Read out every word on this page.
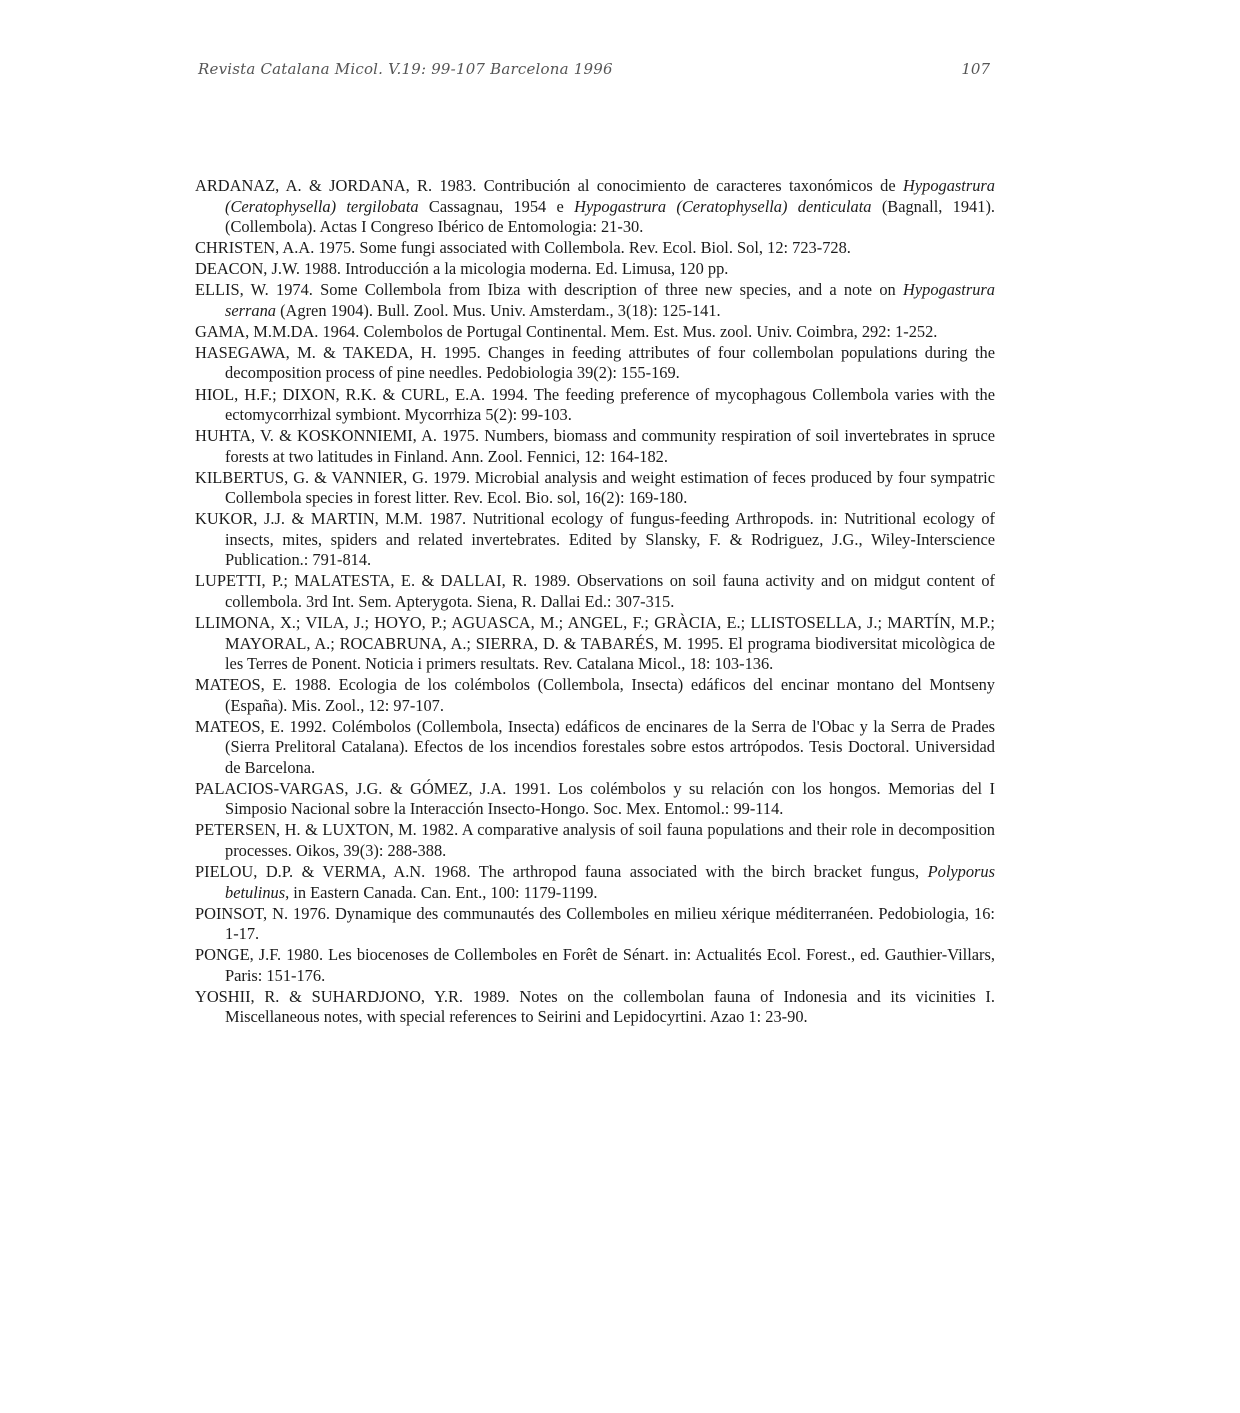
Revista Catalana Micol. V.19: 99-107 Barcelona 1996	107
ARDANAZ, A. & JORDANA, R. 1983. Contribución al conocimiento de caracteres taxonómicos de Hypogastrura (Ceratophysella) tergilobata Cassagnau, 1954 e Hypogastrura (Ceratophysella) denticulata (Bagnall, 1941). (Collembola). Actas I Congreso Ibérico de Entomologia: 21-30.
CHRISTEN, A.A. 1975. Some fungi associated with Collembola. Rev. Ecol. Biol. Sol, 12: 723-728.
DEACON, J.W. 1988. Introducción a la micologia moderna. Ed. Limusa, 120 pp.
ELLIS, W. 1974. Some Collembola from Ibiza with description of three new species, and a note on Hypogastrura serrana (Agren 1904). Bull. Zool. Mus. Univ. Amsterdam., 3(18): 125-141.
GAMA, M.M.DA. 1964. Colembolos de Portugal Continental. Mem. Est. Mus. zool. Univ. Coimbra, 292: 1-252.
HASEGAWA, M. & TAKEDA, H. 1995. Changes in feeding attributes of four collembolan populations during the decomposition process of pine needles. Pedobiologia 39(2): 155-169.
HIOL, H.F.; DIXON, R.K. & CURL, E.A. 1994. The feeding preference of mycophagous Collembola varies with the ectomycorrhizal symbiont. Mycorrhiza 5(2): 99-103.
HUHTA, V. & KOSKONNIEMI, A. 1975. Numbers, biomass and community respiration of soil invertebrates in spruce forests at two latitudes in Finland. Ann. Zool. Fennici, 12: 164-182.
KILBERTUS, G. & VANNIER, G. 1979. Microbial analysis and weight estimation of feces produced by four sympatric Collembola species in forest litter. Rev. Ecol. Bio. sol, 16(2): 169-180.
KUKOR, J.J. & MARTIN, M.M. 1987. Nutritional ecology of fungus-feeding Arthropods. in: Nutritional ecology of insects, mites, spiders and related invertebrates. Edited by Slansky, F. & Rodriguez, J.G., Wiley-Interscience Publication.: 791-814.
LUPETTI, P.; MALATESTA, E. & DALLAI, R. 1989. Observations on soil fauna activity and on midgut content of collembola. 3rd Int. Sem. Apterygota. Siena, R. Dallai Ed.: 307-315.
LLIMONA, X.; VILA, J.; HOYO, P.; AGUASCA, M.; ANGEL, F.; GRÀCIA, E.; LLISTOSELLA, J.; MARTÍN, M.P.; MAYORAL, A.; ROCABRUNA, A.; SIERRA, D. & TABARÉS, M. 1995. El programa biodiversitat micològica de les Terres de Ponent. Noticia i primers resultats. Rev. Catalana Micol., 18: 103-136.
MATEOS, E. 1988. Ecologia de los colémbolos (Collembola, Insecta) edáficos del encinar montano del Montseny (España). Mis. Zool., 12: 97-107.
MATEOS, E. 1992. Colémbolos (Collembola, Insecta) edáficos de encinares de la Serra de l'Obac y la Serra de Prades (Sierra Prelitoral Catalana). Efectos de los incendios forestales sobre estos artrópodos. Tesis Doctoral. Universidad de Barcelona.
PALACIOS-VARGAS, J.G. & GÓMEZ, J.A. 1991. Los colémbolos y su relación con los hongos. Memorias del I Simposio Nacional sobre la Interacción Insecto-Hongo. Soc. Mex. Entomol.: 99-114.
PETERSEN, H. & LUXTON, M. 1982. A comparative analysis of soil fauna populations and their role in decomposition processes. Oikos, 39(3): 288-388.
PIELOU, D.P. & VERMA, A.N. 1968. The arthropod fauna associated with the birch bracket fungus, Polyporus betulinus, in Eastern Canada. Can. Ent., 100: 1179-1199.
POINSOT, N. 1976. Dynamique des communautés des Collemboles en milieu xérique méditerranéen. Pedobiologia, 16: 1-17.
PONGE, J.F. 1980. Les biocenoses de Collemboles en Forêt de Sénart. in: Actualités Ecol. Forest., ed. Gauthier-Villars, Paris: 151-176.
YOSHII, R. & SUHARDJONO, Y.R. 1989. Notes on the collembolan fauna of Indonesia and its vicinities I. Miscellaneous notes, with special references to Seirini and Lepidocyrtini. Azao 1: 23-90.
